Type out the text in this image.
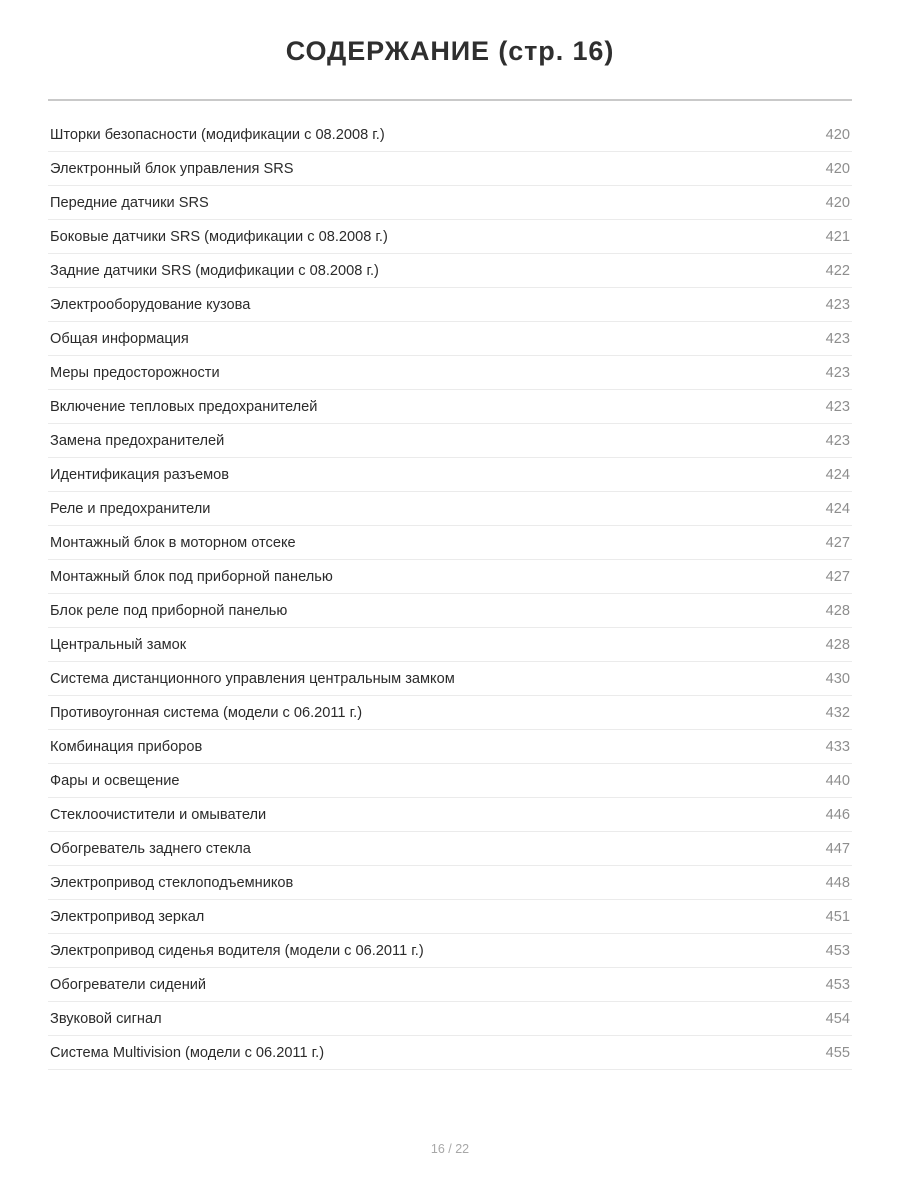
СОДЕРЖАНИЕ (стр. 16)
Шторки безопасности (модификации с 08.2008 г.)	420
Электронный блок управления SRS	420
Передние датчики SRS	420
Боковые датчики SRS (модификации с 08.2008 г.)	421
Задние датчики SRS (модификации с 08.2008 г.)	422
Электрооборудование кузова	423
Общая информация	423
Меры предосторожности	423
Включение тепловых предохранителей	423
Замена предохранителей	423
Идентификация разъемов	424
Реле и предохранители	424
Монтажный блок в моторном отсеке	427
Монтажный блок под приборной панелью	427
Блок реле под приборной панелью	428
Центральный замок	428
Система дистанционного управления центральным замком	430
Противоугонная система (модели с 06.2011 г.)	432
Комбинация приборов	433
Фары и освещение	440
Стеклоочистители и омыватели	446
Обогреватель заднего стекла	447
Электропривод стеклоподъемников	448
Электропривод зеркал	451
Электропривод сиденья водителя (модели с 06.2011 г.)	453
Обогреватели сидений	453
Звуковой сигнал	454
Система Multivision (модели с 06.2011 г.)	455
16 / 22
